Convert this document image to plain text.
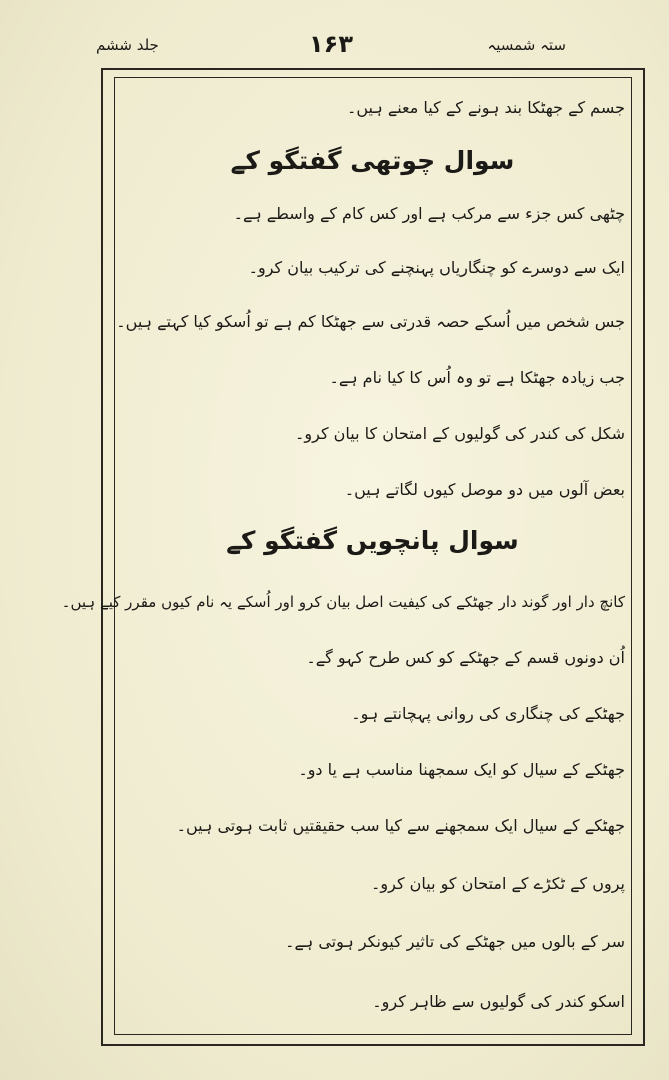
ستہ شمسیہ
۱۶۳
جلد ششم
جسم کے جھٹکا بند ہونے کے کیا معنے ہیں۔
سوال چوتھی گفتگو کے
چٹھی کس جزء سے مرکب ہے اور کس کام کے واسطے ہے۔
ایک سے دوسرے کو چنگاریاں پہنچنے کی ترکیب بیان کرو۔
جس شخص میں اُسکے حصہ قدرتی سے جھٹکا کم ہے تو اُسکو کیا کہتے ہیں۔
جب زیادہ جھٹکا ہے تو وہ اُس کا کیا نام ہے۔
شکل کی کندر کی گولیوں کے امتحان کا بیان کرو۔
بعض آلوں میں دو موصل کیوں لگاتے ہیں۔
سوال پانچویں گفتگو کے
کانچ دار اور گوند دار جھٹکے کی کیفیت اصل بیان کرو اور اُسکے یہ نام کیوں مقرر کیے ہیں۔
اُن دونوں قسم کے جھٹکے کو کس طرح کہو گے۔
جھٹکے کی چنگاری کی روانی پہچانتے ہو۔
جھٹکے کے سیال کو ایک سمجھنا مناسب ہے یا دو۔
جھٹکے کے سیال ایک سمجھنے سے کیا سب حقیقتیں ثابت ہوتی ہیں۔
پروں کے ٹکڑے کے امتحان کو بیان کرو۔
سر کے بالوں میں جھٹکے کی تاثیر کیونکر ہوتی ہے۔
اسکو کندر کی گولیوں سے ظاہر کرو۔
